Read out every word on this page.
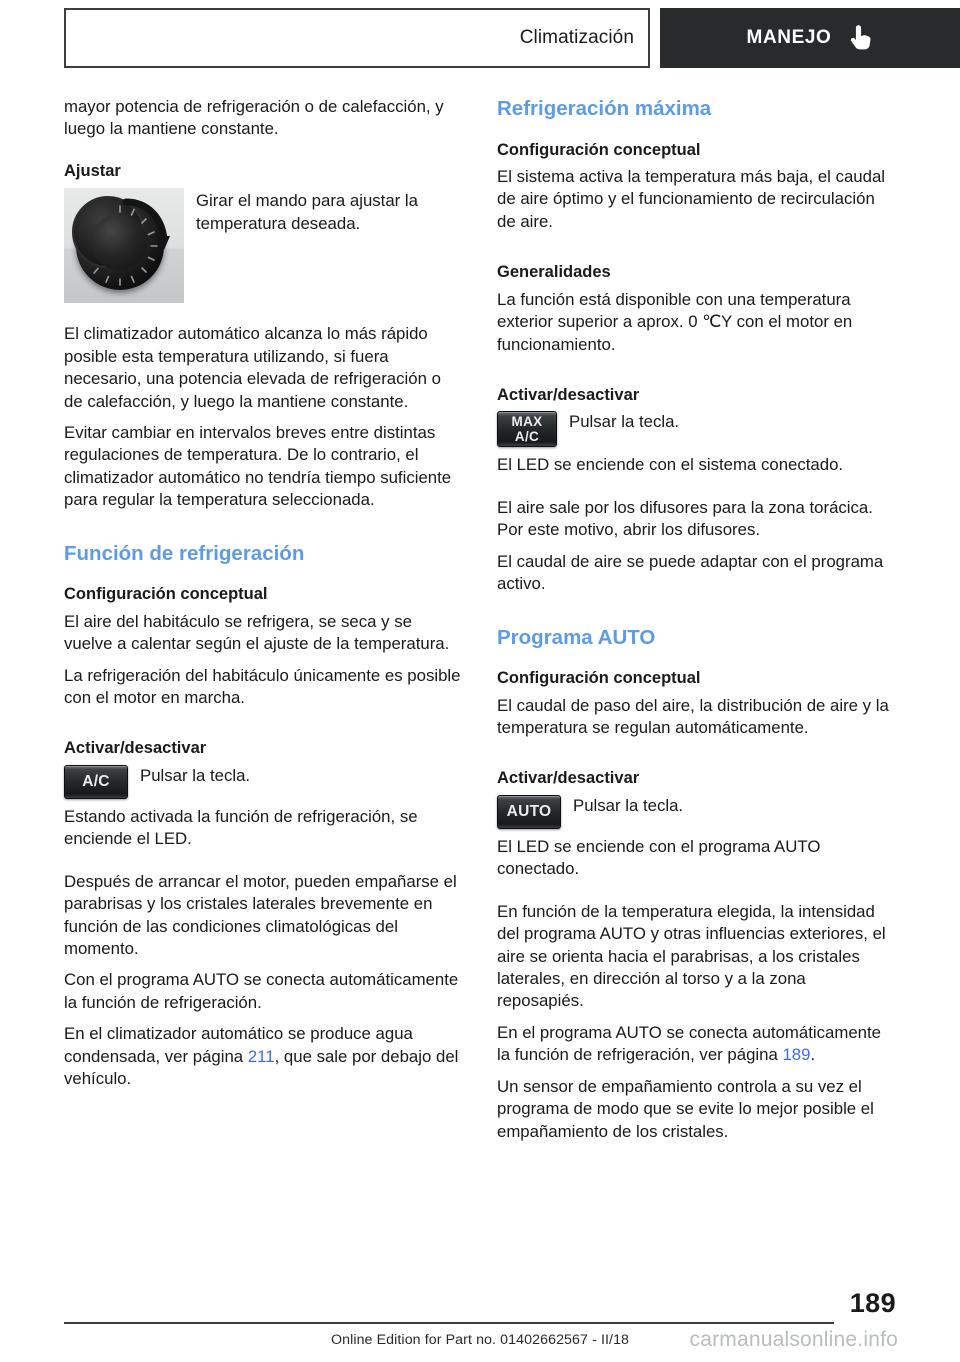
Climatización	MANEJO

mayor potencia de refrigeración o de calefacción, y luego la mantiene constante.

Ajustar
Girar el mando para ajustar la temperatura deseada.

El climatizador automático alcanza lo más rápido posible esta temperatura utilizando, si fuera necesario, una potencia elevada de refrigeración o de calefacción, y luego la mantiene constante.

Evitar cambiar en intervalos breves entre distintas regulaciones de temperatura. De lo contrario, el climatizador automático no tendría tiempo suficiente para regular la temperatura seleccionada.

Función de refrigeración
Configuración conceptual

El aire del habitáculo se refrigera, se seca y se vuelve a calentar según el ajuste de la temperatura.

La refrigeración del habitáculo únicamente es posible con el motor en marcha.

Activar/desactivar
A/C Pulsar la tecla.

Estando activada la función de refrigeración, se enciende el LED.

Después de arrancar el motor, pueden empañarse el parabrisas y los cristales laterales brevemente en función de las condiciones climatológicas del momento.

Con el programa AUTO se conecta automáticamente la función de refrigeración.

En el climatizador automático se produce agua condensada, ver página 211, que sale por debajo del vehículo.

Refrigeración máxima
Configuración conceptual

El sistema activa la temperatura más baja, el caudal de aire óptimo y el funcionamiento de recirculación de aire.

Generalidades

La función está disponible con una temperatura exterior superior a aprox. 0 ℃Y con el motor en funcionamiento.

Activar/desactivar
MAX
A/C

Pulsar la tecla.

El LED se enciende con el sistema conectado.

El aire sale por los difusores para la zona torácica. Por este motivo, abrir los difusores.

El caudal de aire se puede adaptar con el programa activo.

Programa AUTO
Configuración conceptual

El caudal de paso del aire, la distribución de aire y la temperatura se regulan automáticamente.

Activar/desactivar
AUTO Pulsar la tecla.

El LED se enciende con el programa AUTO conectado.

En función de la temperatura elegida, la intensidad del programa AUTO y otras influencias exteriores, el aire se orienta hacia el parabrisas, a los cristales laterales, en dirección al torso y a la zona reposapiés.

En el programa AUTO se conecta automáticamente la función de refrigeración, ver página 189.

Un sensor de empañamiento controla a su vez el programa de modo que se evite lo mejor posible el empañamiento de los cristales.

189
Online Edition for Part no. 01402662567 - II/18	carmanualsonline.info
